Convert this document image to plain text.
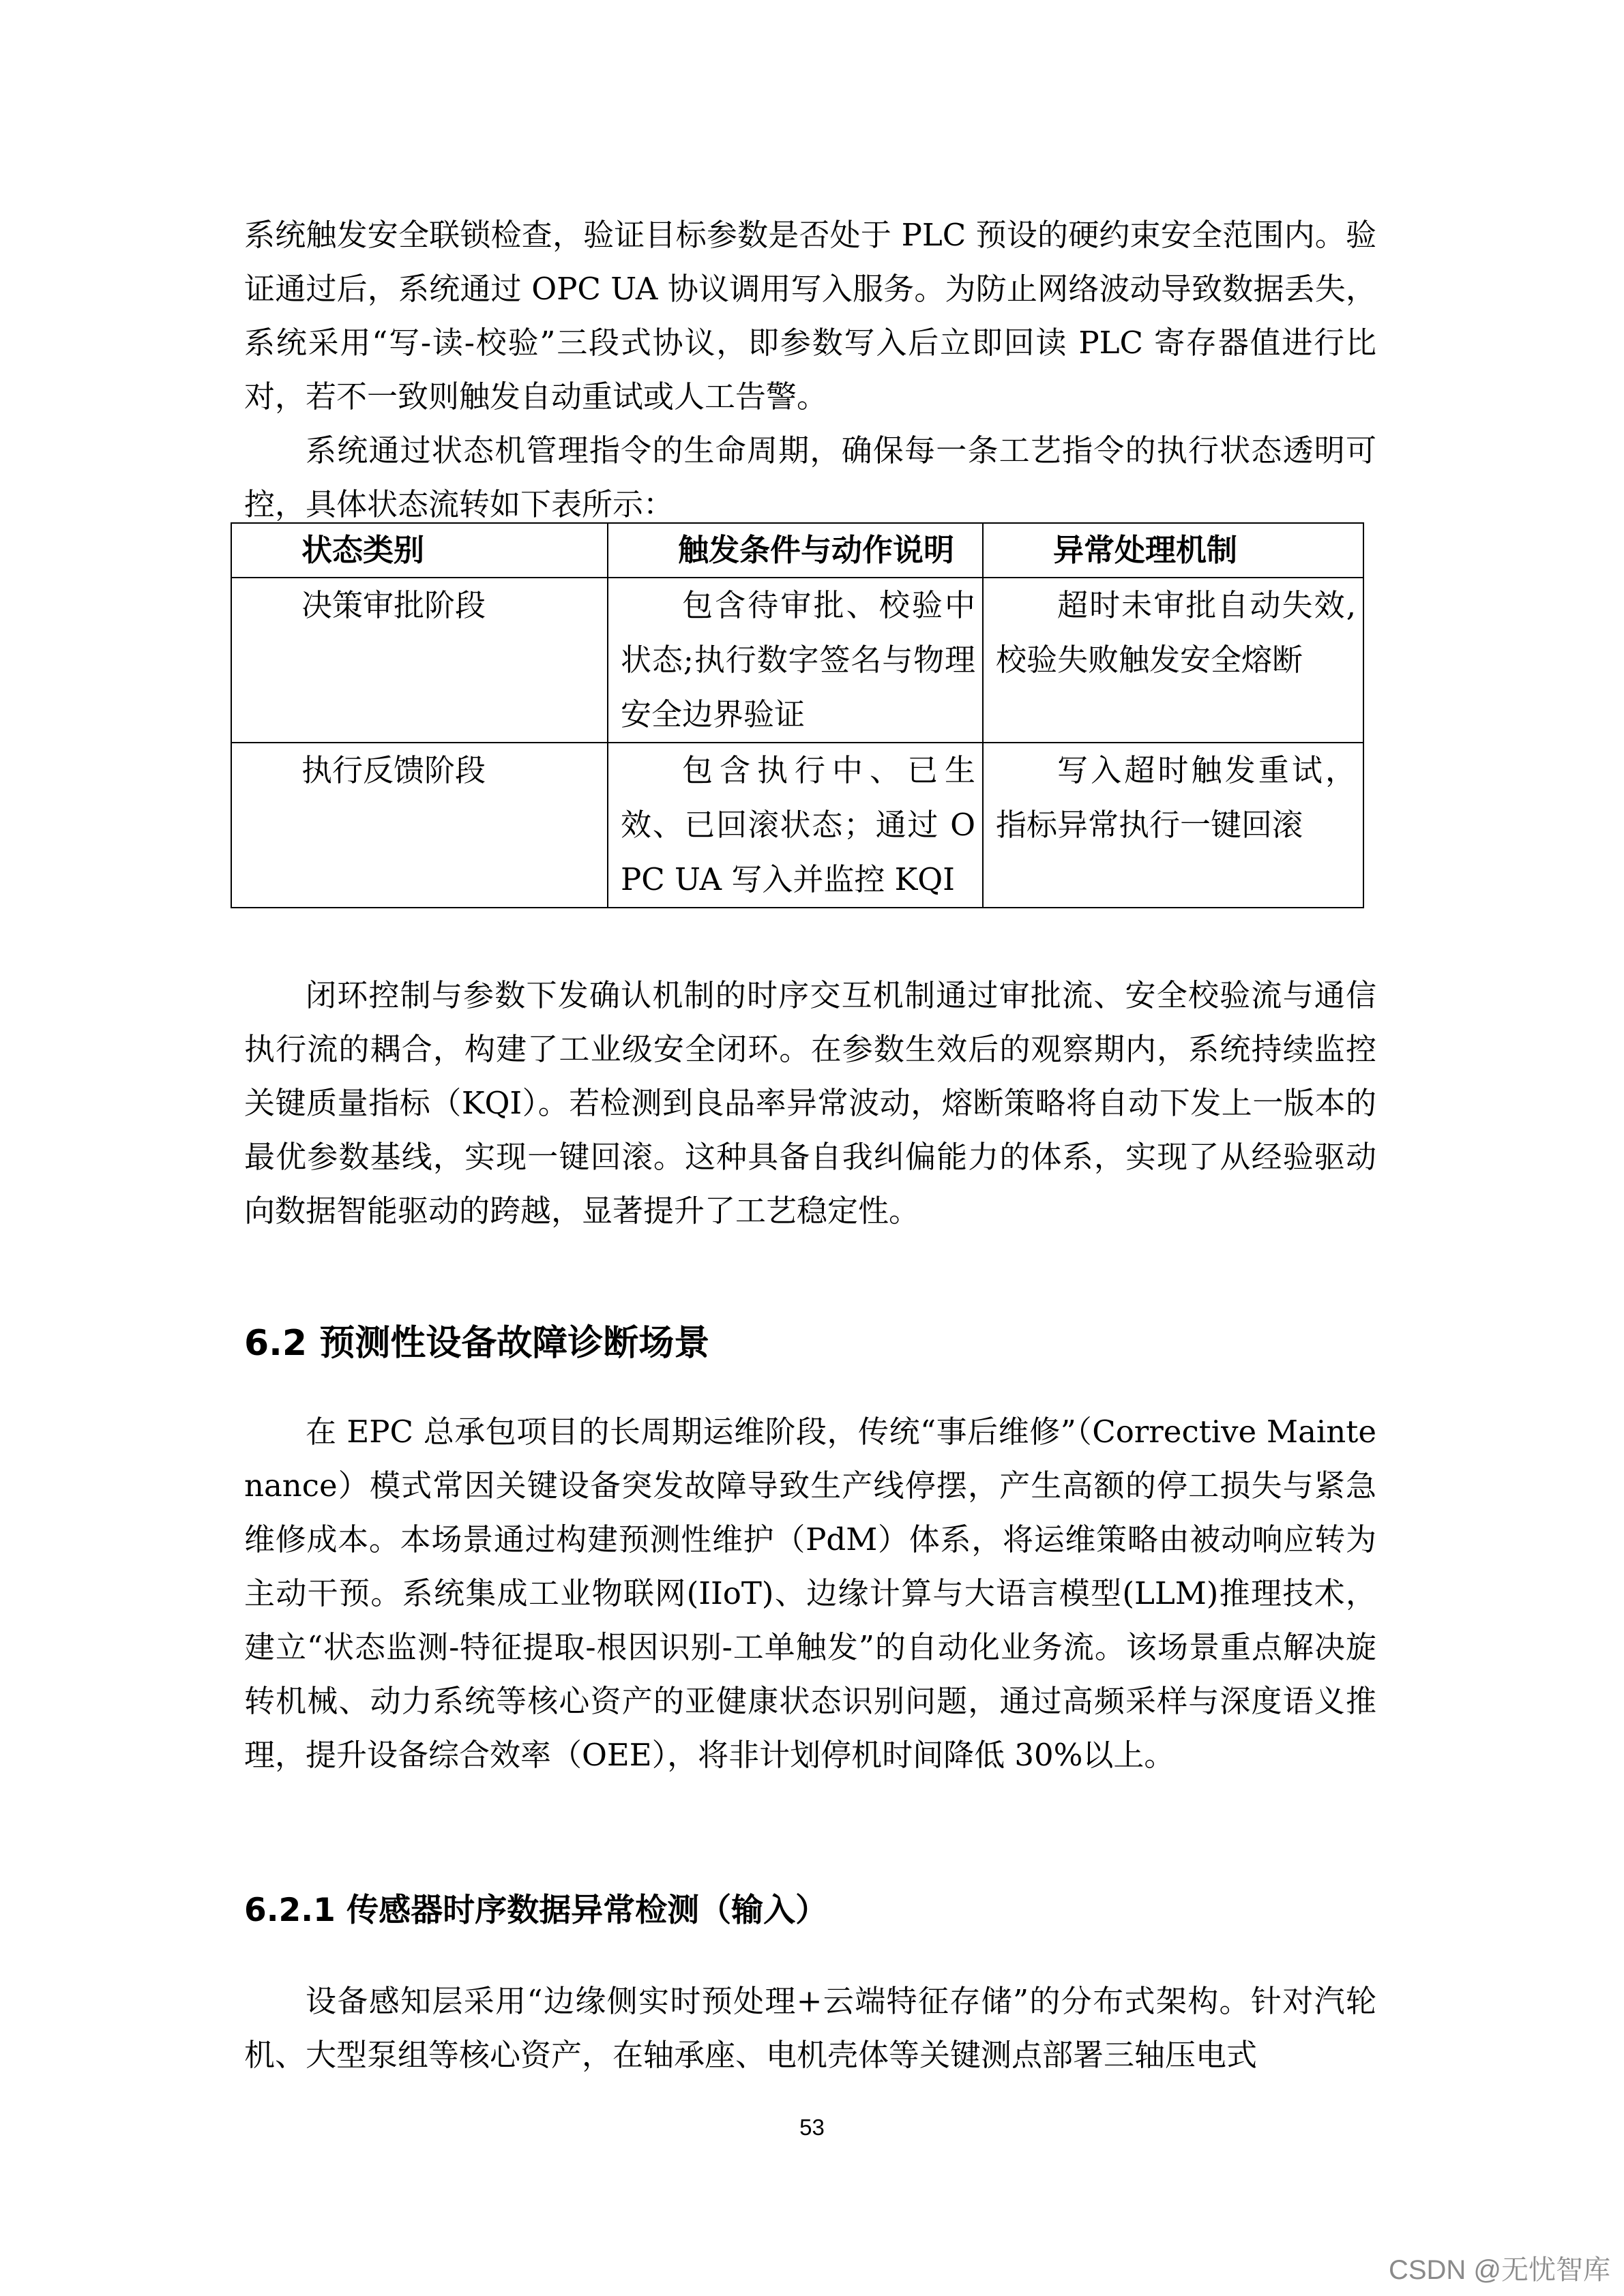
系统触发安全联锁检查，验证目标参数是否处于 PLC 预设的硬约束安全范围内。验证通过后，系统通过 OPC UA 协议调用写入服务。为防止网络波动导致数据丢失，系统采用“写-读-校验”三段式协议，即参数写入后立即回读 PLC 寄存器值进行比对，若不一致则触发自动重试或人工告警。

系统通过状态机管理指令的生命周期，确保每一条工艺指令的执行状态透明可控，具体状态流转如下表所示：

状态类别	触发条件与动作说明	异常处理机制
决策审批阶段	包含待审批、校验中状态;执行数字签名与物理安全边界验证	超时未审批自动失效,校验失败触发安全熔断
执行反馈阶段	包含执行中、已生效、已回滚状态；通过 OPC UA 写入并监控 KQI	写入超时触发重试，指标异常执行一键回滚

闭环控制与参数下发确认机制的时序交互机制通过审批流、安全校验流与通信执行流的耦合，构建了工业级安全闭环。在参数生效后的观察期内，系统持续监控关键质量指标（KQI）。若检测到良品率异常波动，熔断策略将自动下发上一版本的最优参数基线，实现一键回滚。这种具备自我纠偏能力的体系，实现了从经验驱动向数据智能驱动的跨越，显著提升了工艺稳定性。

6.2 预测性设备故障诊断场景

在 EPC 总承包项目的长周期运维阶段，传统“事后维修”（Corrective Maintenance）模式常因关键设备突发故障导致生产线停摆，产生高额的停工损失与紧急维修成本。本场景通过构建预测性维护（PdM）体系，将运维策略由被动响应转为主动干预。系统集成工业物联网(IIoT)、边缘计算与大语言模型(LLM)推理技术，建立“状态监测-特征提取-根因识别-工单触发”的自动化业务流。该场景重点解决旋转机械、动力系统等核心资产的亚健康状态识别问题，通过高频采样与深度语义推理，提升设备综合效率（OEE），将非计划停机时间降低 30%以上。

6.2.1 传感器时序数据异常检测（输入）

设备感知层采用“边缘侧实时预处理+云端特征存储”的分布式架构。针对汽轮机、大型泵组等核心资产，在轴承座、电机壳体等关键测点部署三轴压电式

53
CSDN @无忧智库
